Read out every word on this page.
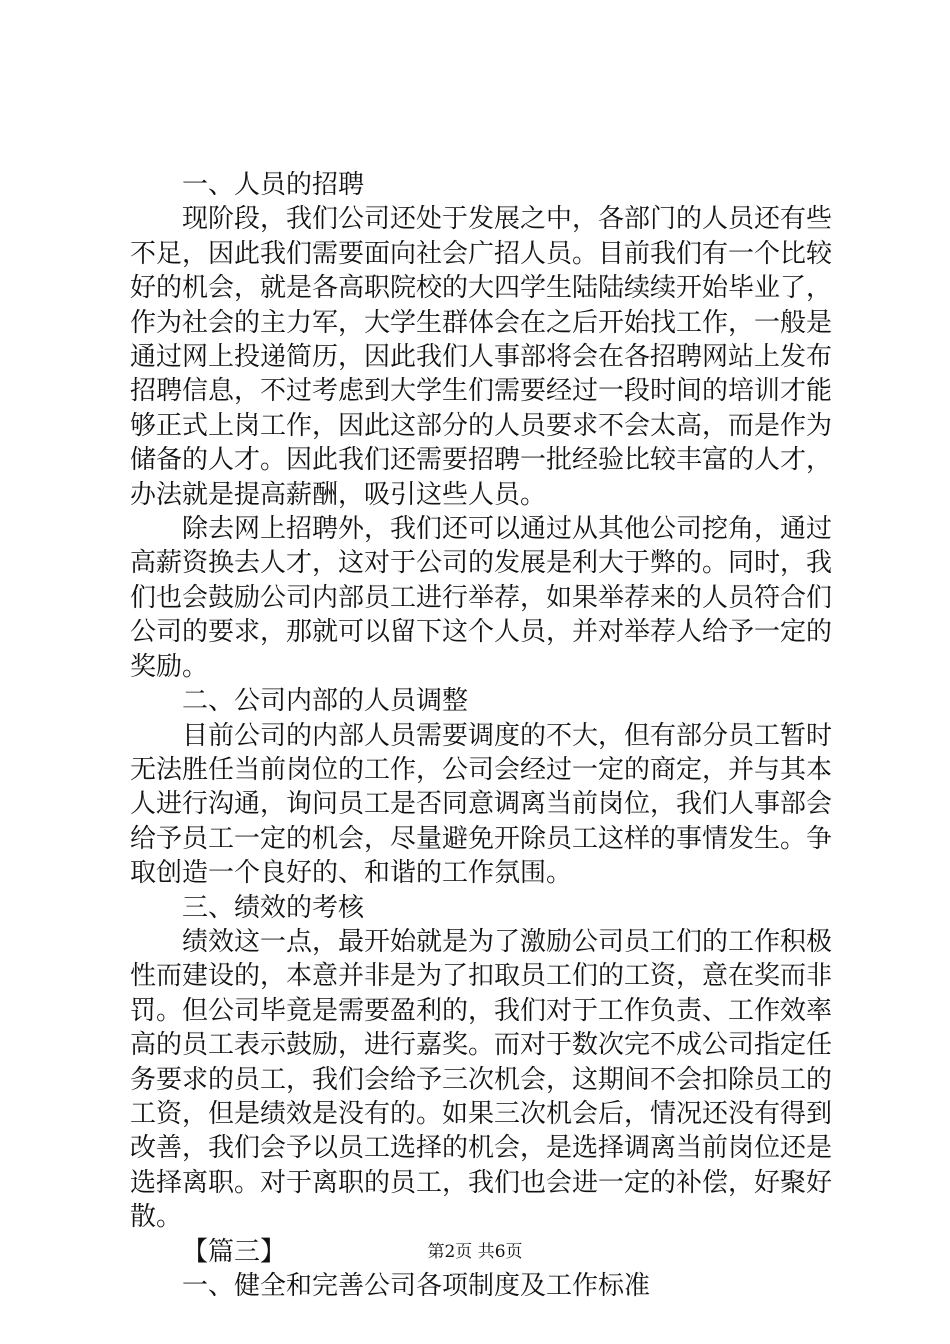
一、人员的招聘

现阶段，我们公司还处于发展之中，各部门的人员还有些不足，因此我们需要面向社会广招人员。目前我们有一个比较好的机会，就是各高职院校的大四学生陆陆续续开始毕业了，作为社会的主力军，大学生群体会在之后开始找工作，一般是通过网上投递简历，因此我们人事部将会在各招聘网站上发布招聘信息，不过考虑到大学生们需要经过一段时间的培训才能够正式上岗工作，因此这部分的人员要求不会太高，而是作为储备的人才。因此我们还需要招聘一批经验比较丰富的人才，办法就是提高薪酬，吸引这些人员。

除去网上招聘外，我们还可以通过从其他公司挖角，通过高薪资换去人才，这对于公司的发展是利大于弊的。同时，我们也会鼓励公司内部员工进行举荐，如果举荐来的人员符合们公司的要求，那就可以留下这个人员，并对举荐人给予一定的奖励。

二、公司内部的人员调整

目前公司的内部人员需要调度的不大，但有部分员工暂时无法胜任当前岗位的工作，公司会经过一定的商定，并与其本人进行沟通，询问员工是否同意调离当前岗位，我们人事部会给予员工一定的机会，尽量避免开除员工这样的事情发生。争取创造一个良好的、和谐的工作氛围。

三、绩效的考核

绩效这一点，最开始就是为了激励公司员工们的工作积极性而建设的，本意并非是为了扣取员工们的工资，意在奖而非罚。但公司毕竟是需要盈利的，我们对于工作负责、工作效率高的员工表示鼓励，进行嘉奖。而对于数次完不成公司指定任务要求的员工，我们会给予三次机会，这期间不会扣除员工的工资，但是绩效是没有的。如果三次机会后，情况还没有得到改善，我们会予以员工选择的机会，是选择调离当前岗位还是选择离职。对于离职的员工，我们也会进一定的补偿，好聚好散。

【篇三】

一、健全和完善公司各项制度及工作标准

第2页 共6页
